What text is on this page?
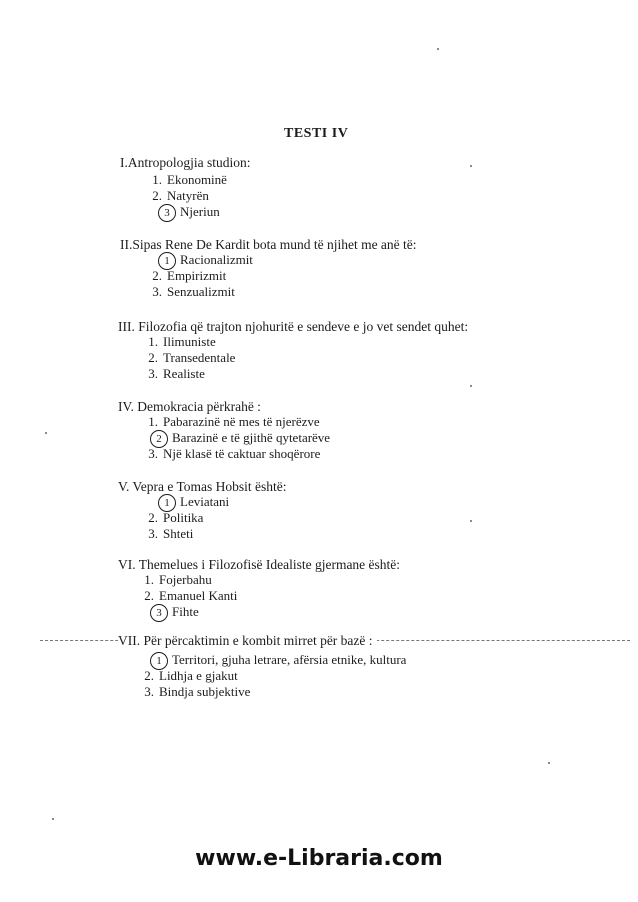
TESTI IV
I.Antropologjia studion:
1. Ekonominë
2. Natyrën
3 Njeriun
II.Sipas Rene De Kardit bota mund të njihet me anë të:
1 Racionalizmit
2. Empirizmit
3. Senzualizmit
III. Filozofia që trajton njohuritë e sendeve e jo vet sendet quhet:
1. Ilimuniste
2. Transedentale
3. Realiste
IV. Demokracia përkrahë :
1. Pabarazinë në mes të njerëzve
2 Barazinë e të gjithë qytetarëve
3. Një klasë të caktuar shoqërore
V. Vepra e Tomas Hobsit është:
1 Leviatani
2. Politika
3. Shteti
VI. Themelues i Filozofisë Idealiste gjermane është:
1. Fojerbahu
2. Emanuel Kanti
3 Fihte
VII. Për përcaktimin e kombit mirret për bazë :
1 Territori, gjuha letrare, afërsia etnike, kultura
2. Lidhja e gjakut
3. Bindja subjektive
www.e-Libraria.com
